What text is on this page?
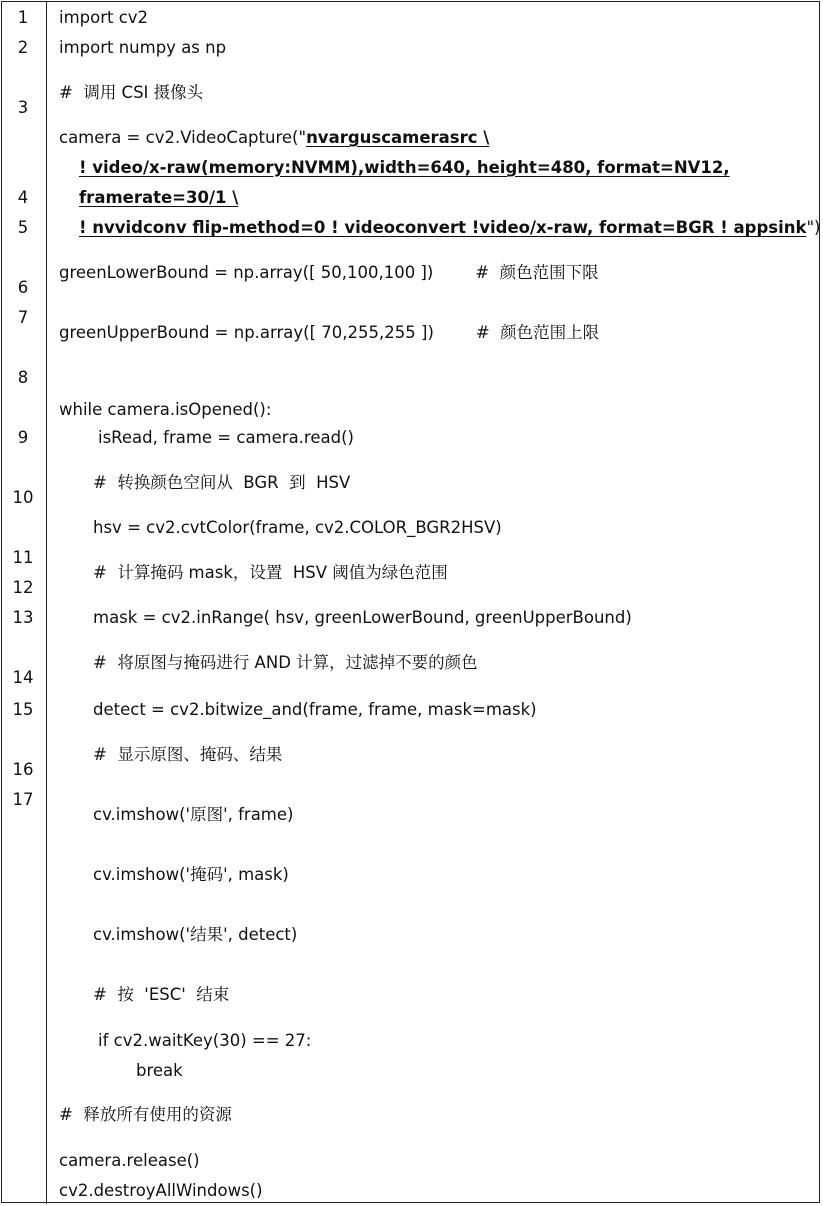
1
2
3
4
5
6
7
8
9
10
11
12
13
14
15
16
17
import cv2
import numpy as np
#  调用 CSI 摄像头
camera = cv2.VideoCapture("nvarguscamerasrc \
! video/x-raw(memory:NVMM),width=640, height=480, format=NV12,
framerate=30/1 \
! nvvidconv flip-method=0 ! videoconvert !video/x-raw, format=BGR ! appsink")
greenLowerBound = np.array([ 50,100,100 ])        #  颜色范围下限
greenUpperBound = np.array([ 70,255,255 ])        #  颜色范围上限
while camera.isOpened():
isRead, frame = camera.read()
#  转换颜色空间从  BGR  到  HSV
hsv = cv2.cvtColor(frame, cv2.COLOR_BGR2HSV)
#  计算掩码 mask，设置  HSV 阈值为绿色范围
mask = cv2.inRange( hsv, greenLowerBound, greenUpperBound)
#  将原图与掩码进行 AND 计算，过滤掉不要的颜色
detect = cv2.bitwize_and(frame, frame, mask=mask)
#  显示原图、掩码、结果
cv.imshow('原图', frame)
cv.imshow('掩码', mask)
cv.imshow('结果', detect)
#  按  'ESC'  结束
if cv2.waitKey(30) == 27:
break
#  释放所有使用的资源
camera.release()
cv2.destroyAllWindows()
